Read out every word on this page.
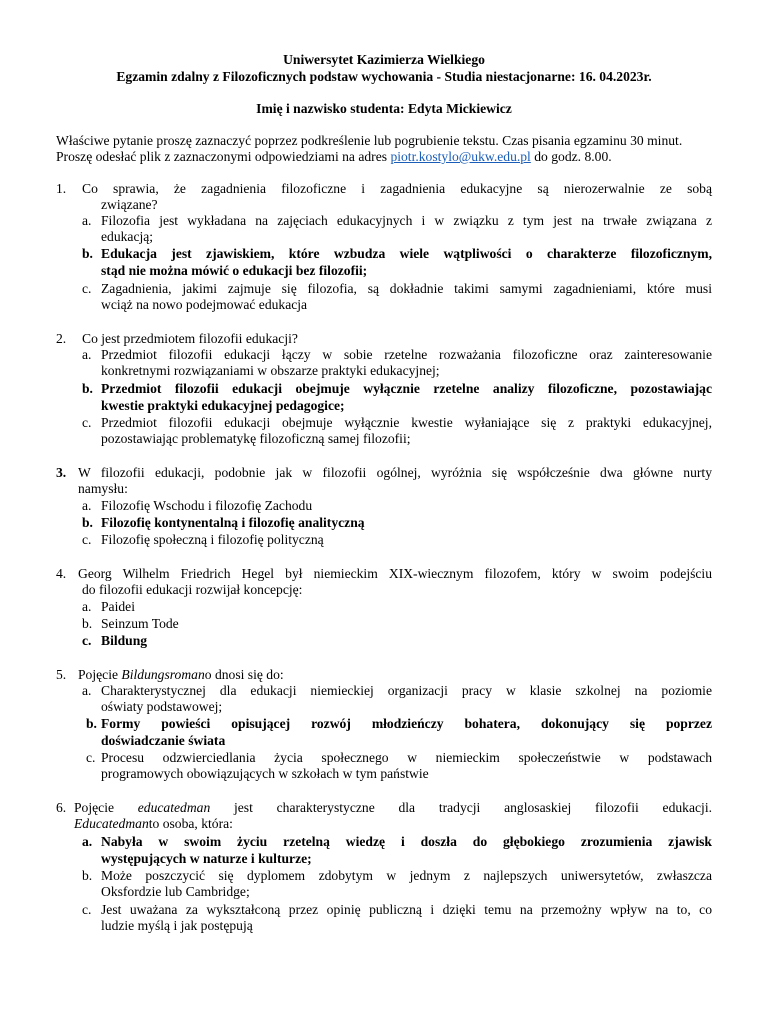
Uniwersytet Kazimierza Wielkiego
Egzamin zdalny z Filozoficznych podstaw wychowania - Studia niestacjonarne: 16. 04.2023r.
Imię i nazwisko studenta: Edyta Mickiewicz
Właściwe pytanie proszę zaznaczyć poprzez podkreślenie lub pogrubienie tekstu. Czas pisania egzaminu 30 minut.
Proszę odesłać plik z zaznaczonymi odpowiedziami na adres piotr.kostylo@ukw.edu.pl do godz. 8.00.
1. Co sprawia, że zagadnienia filozoficzne i zagadnienia edukacyjne są nierozerwalnie ze sobą
związane?
a. Filozofia jest wykładana na zajęciach edukacyjnych i w związku z tym jest na trwałe związana z
edukacją;
b. Edukacja jest zjawiskiem, które wzbudza wiele wątpliwości o charakterze filozoficznym,
stąd nie można mówić o edukacji bez filozofii;
c. Zagadnienia, jakimi zajmuje się filozofia, są dokładnie takimi samymi zagadnieniami, które musi
wciąż na nowo podejmować edukacja
2. Co jest przedmiotem filozofii edukacji?
a. Przedmiot filozofii edukacji łączy w sobie rzetelne rozważania filozoficzne oraz zainteresowanie
konkretnymi rozwiązaniami w obszarze praktyki edukacyjnej;
b. Przedmiot filozofii edukacji obejmuje wyłącznie rzetelne analizy filozoficzne, pozostawiając
kwestie praktyki edukacyjnej pedagogice;
c. Przedmiot filozofii edukacji obejmuje wyłącznie kwestie wyłaniające się z praktyki edukacyjnej,
pozostawiając problematykę filozoficzną samej filozofii;
3. W filozofii edukacji, podobnie jak w filozofii ogólnej, wyróżnia się współcześnie dwa główne nurty
namysłu:
a. Filozofię Wschodu i filozofię Zachodu
b. Filozofię kontynentalną i filozofię analityczną
c. Filozofię społeczną i filozofię polityczną
4. Georg Wilhelm Friedrich Hegel był niemieckim XIX-wiecznym filozofem, który w swoim podejściu
do filozofii edukacji rozwijał koncepcję:
a. Paidei
b. Seinzum Tode
c. Bildung
5. Pojęcie Bildungsromano dnosi się do:
a. Charakterystycznej dla edukacji niemieckiej organizacji pracy w klasie szkolnej na poziomie
oświaty podstawowej;
b. Formy powieści opisującej rozwój młodzieńczy bohatera, dokonujący się poprzez
doświadczanie świata
c. Procesu odzwierciedlania życia społecznego w niemieckim społeczeństwie w podstawach
programowych obowiązujących w szkołach w tym państwie
6. Pojęcie educatedman jest charakterystyczne dla tradycji anglosaskiej filozofii edukacji.
Educatedmanto osoba, która:
a. Nabyła w swoim życiu rzetelną wiedzę i doszła do głębokiego zrozumienia zjawisk
występujących w naturze i kulturze;
b. Może poszczycić się dyplomem zdobytym w jednym z najlepszych uniwersytetów, zwłaszcza
Oksfordzie lub Cambridge;
c. Jest uważana za wykształconą przez opinię publiczną i dzięki temu na przemożny wpływ na to, co
ludzie myślą i jak postępują
